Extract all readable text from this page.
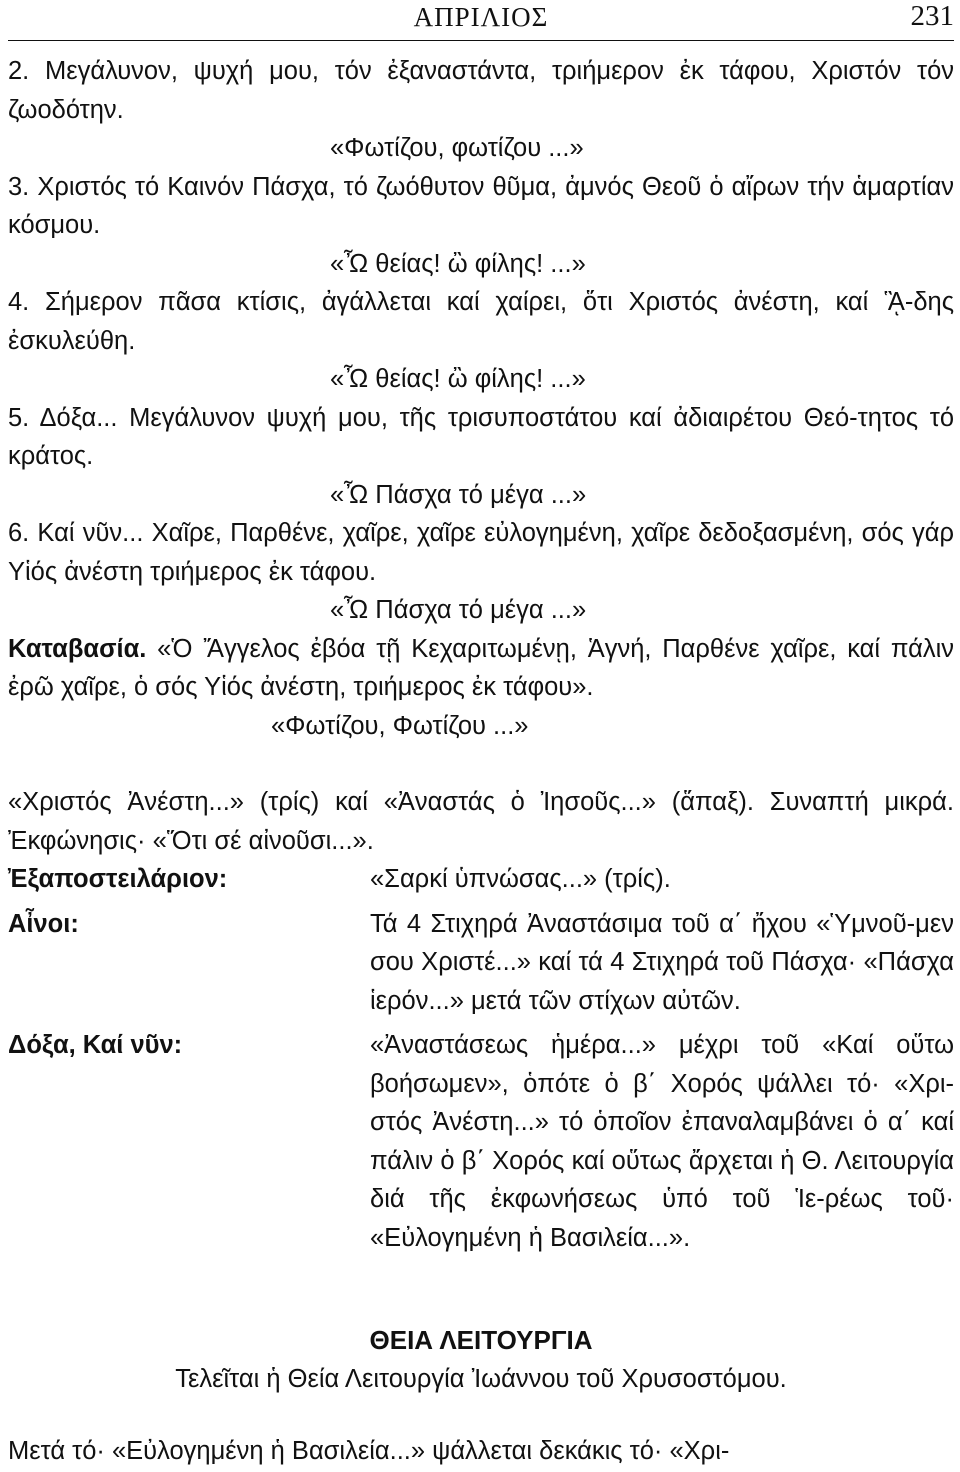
ΑΠΡΙΛΙΟΣ	231

2. Μεγάλυνον, ψυχή μου, τόν ἐξαναστάντα, τριήμερον ἐκ τάφου, Χριστόν τόν ζωοδότην.

«Φωτίζου, φωτίζου ...»

3. Χριστός τό Καινόν Πάσχα, τό ζωόθυτον θῦμα, ἀμνός Θεοῦ ὁ αἴρων τήν ἁμαρτίαν κόσμου.

«Ὦ θείας! ὢ φίλης! ...»

4. Σήμερον πᾶσα κτίσις, ἀγάλλεται καί χαίρει, ὅτι Χριστός ἀνέστη, καί ᾋ-δης ἐσκυλεύθη.

«Ὦ θείας! ὢ φίλης! ...»

5. Δόξα... Μεγάλυνον ψυχή μου, τῆς τρισυποστάτου καί ἀδιαιρέτου Θεό-τητος τό κράτος.

«Ὦ Πάσχα τό μέγα ...»

6. Καί νῦν... Χαῖρε, Παρθένε, χαῖρε, χαῖρε εὐλογημένη, χαῖρε δεδοξασμένη, σός γάρ Υἱός ἀνέστη τριήμερος ἐκ τάφου.

«Ὦ Πάσχα τό μέγα ...»

Καταβασία. «Ὁ Ἄγγελος ἐβόα τῇ Κεχαριτωμένῃ, Ἁγνή, Παρθένε χαῖρε, καί πάλιν ἐρῶ χαῖρε, ὁ σός Υἱός ἀνέστη, τριήμερος ἐκ τάφου».

«Φωτίζου, Φωτίζου ...»

«Χριστός Ἀνέστη...» (τρίς) καί «Ἀναστάς ὁ Ἰησοῦς...» (ἅπαξ). Συναπτή μικρά. Ἐκφώνησις· «Ὅτι σέ αἰνοῦσι...».

Ἐξαποστειλάριον:	«Σαρκί ὑπνώσας...» (τρίς).
Αἶνοι:	Τά 4 Στιχηρά Ἀναστάσιμα τοῦ α΄ ἤχου «Ὑμνοῦ-μεν σου Χριστέ...» καί τά 4 Στιχηρά τοῦ Πάσχα· «Πάσχα ἱερόν...» μετά τῶν στίχων αὐτῶν.
Δόξα, Καί νῦν:	«Ἀναστάσεως ἡμέρα...» μέχρι τοῦ «Καί οὕτω βοήσωμεν», ὁπότε ὁ β΄ Χορός ψάλλει τό· «Χρι-στός Ἀνέστη...» τό ὁποῖον ἐπαναλαμβάνει ὁ α΄ καί πάλιν ὁ β΄ Χορός καί οὕτως ἄρχεται ἡ Θ. Λειτουργία διά τῆς ἐκφωνήσεως ὑπό τοῦ Ἱε-ρέως τοῦ· «Εὐλογημένη ἡ Βασιλεία...».

ΘΕΙΑ ΛΕΙΤΟΥΡΓΙΑ

Τελεῖται ἡ Θεία Λειτουργία Ἰωάννου τοῦ Χρυσοστόμου.

Μετά τό· «Εὐλογημένη ἡ Βασιλεία...» ψάλλεται δεκάκις τό· «Χρι-
